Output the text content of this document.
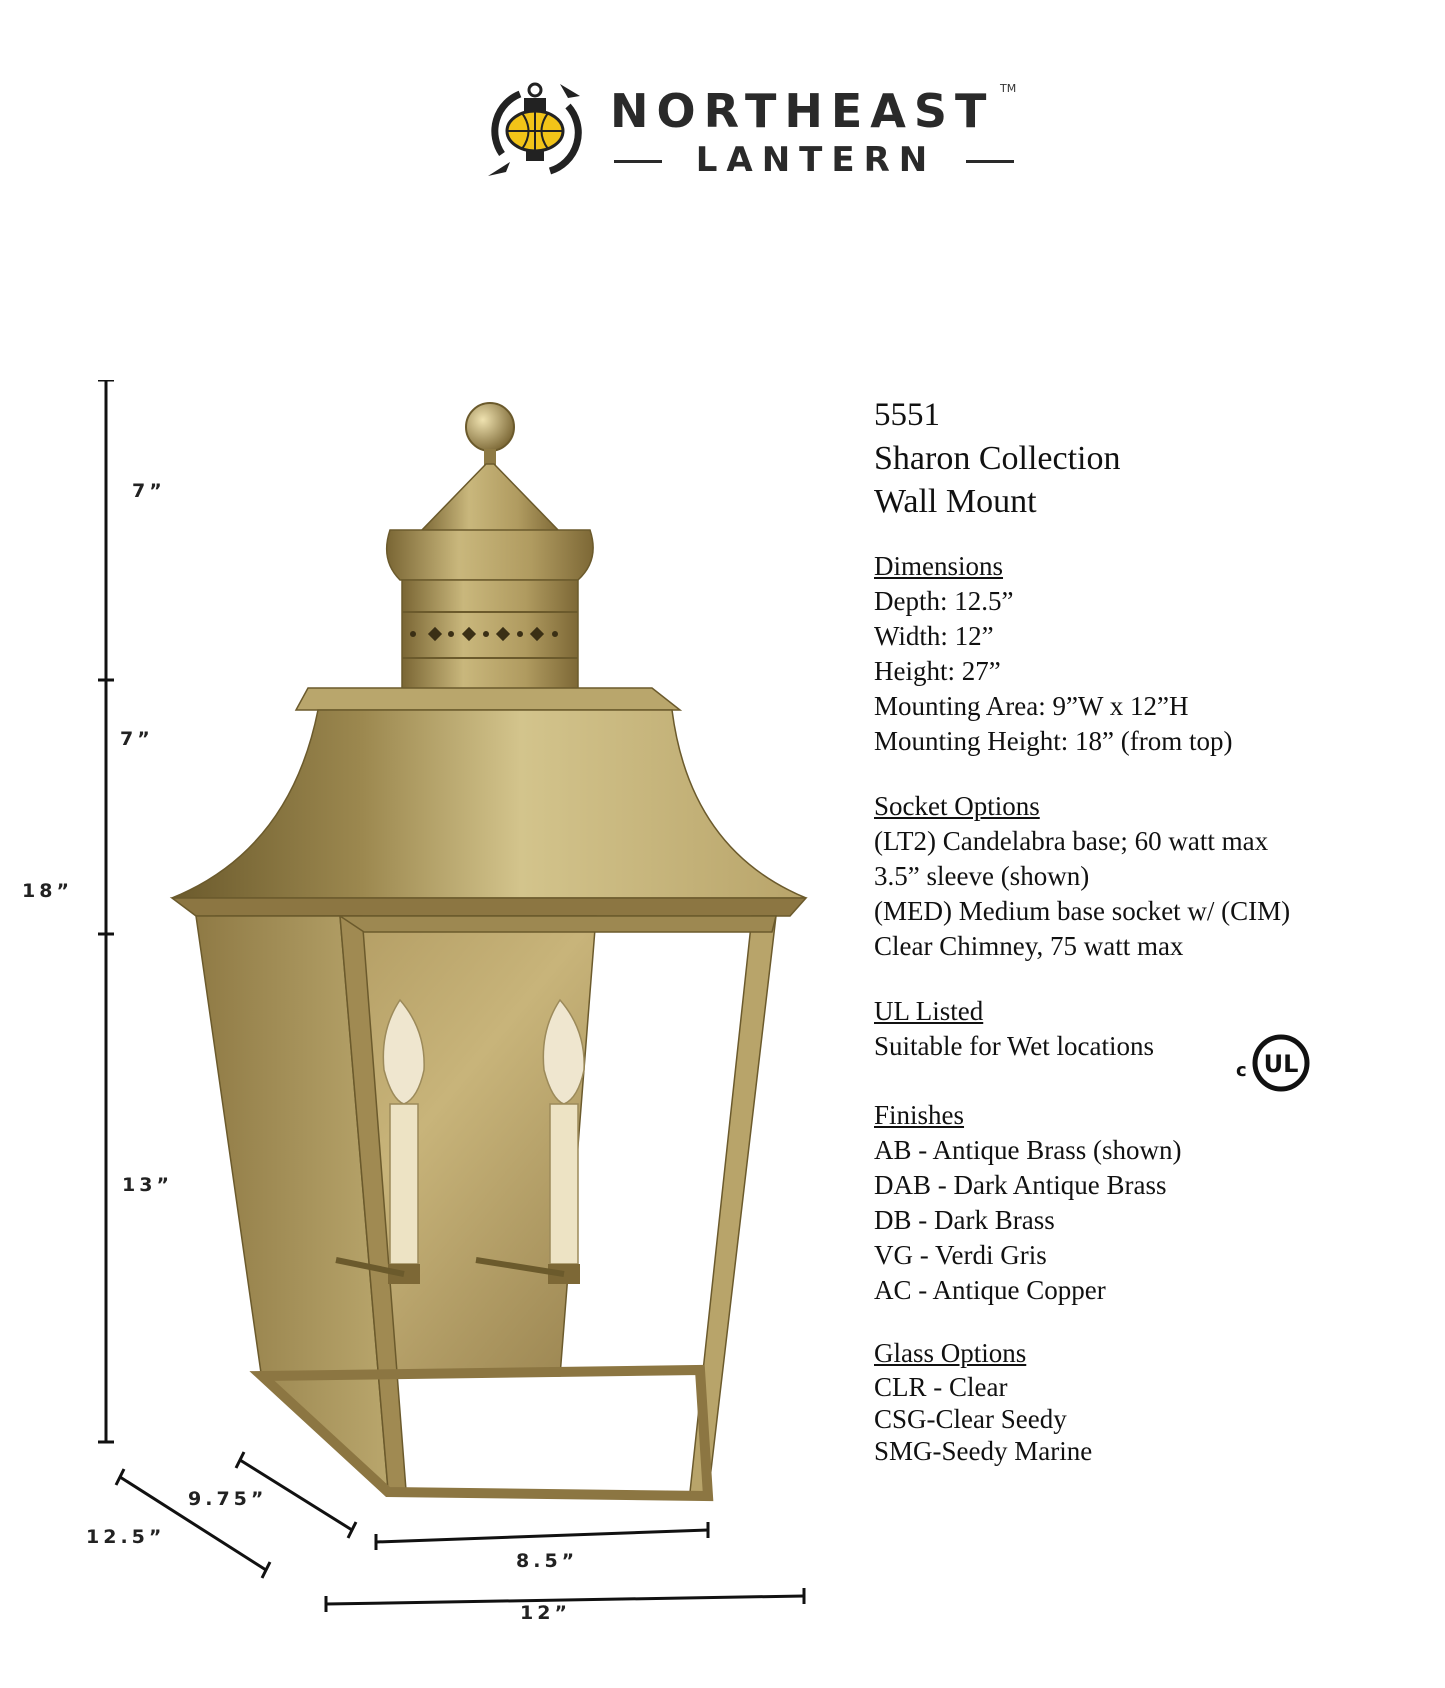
NORTHEAST TM
LANTERN
7”
7”
18”
13”
9.75”
12.5”
8.5”
12”

5551

Sharon Collection

Wall Mount

Dimensions

Depth: 12.5”

Width: 12”

Height: 27”

Mounting Area: 9”W x 12”H

Mounting Height: 18” (from top)

Socket Options

(LT2) Candelabra base; 60 watt max

3.5” sleeve (shown)

(MED) Medium base socket w/ (CIM)

Clear Chimney, 75 watt max

UL Listed

Suitable for Wet locations

c UL

Finishes

AB - Antique Brass (shown)

DAB - Dark Antique Brass

DB - Dark Brass

VG - Verdi Gris

AC - Antique Copper

Glass Options

CLR - Clear

CSG-Clear Seedy

SMG-Seedy Marine
